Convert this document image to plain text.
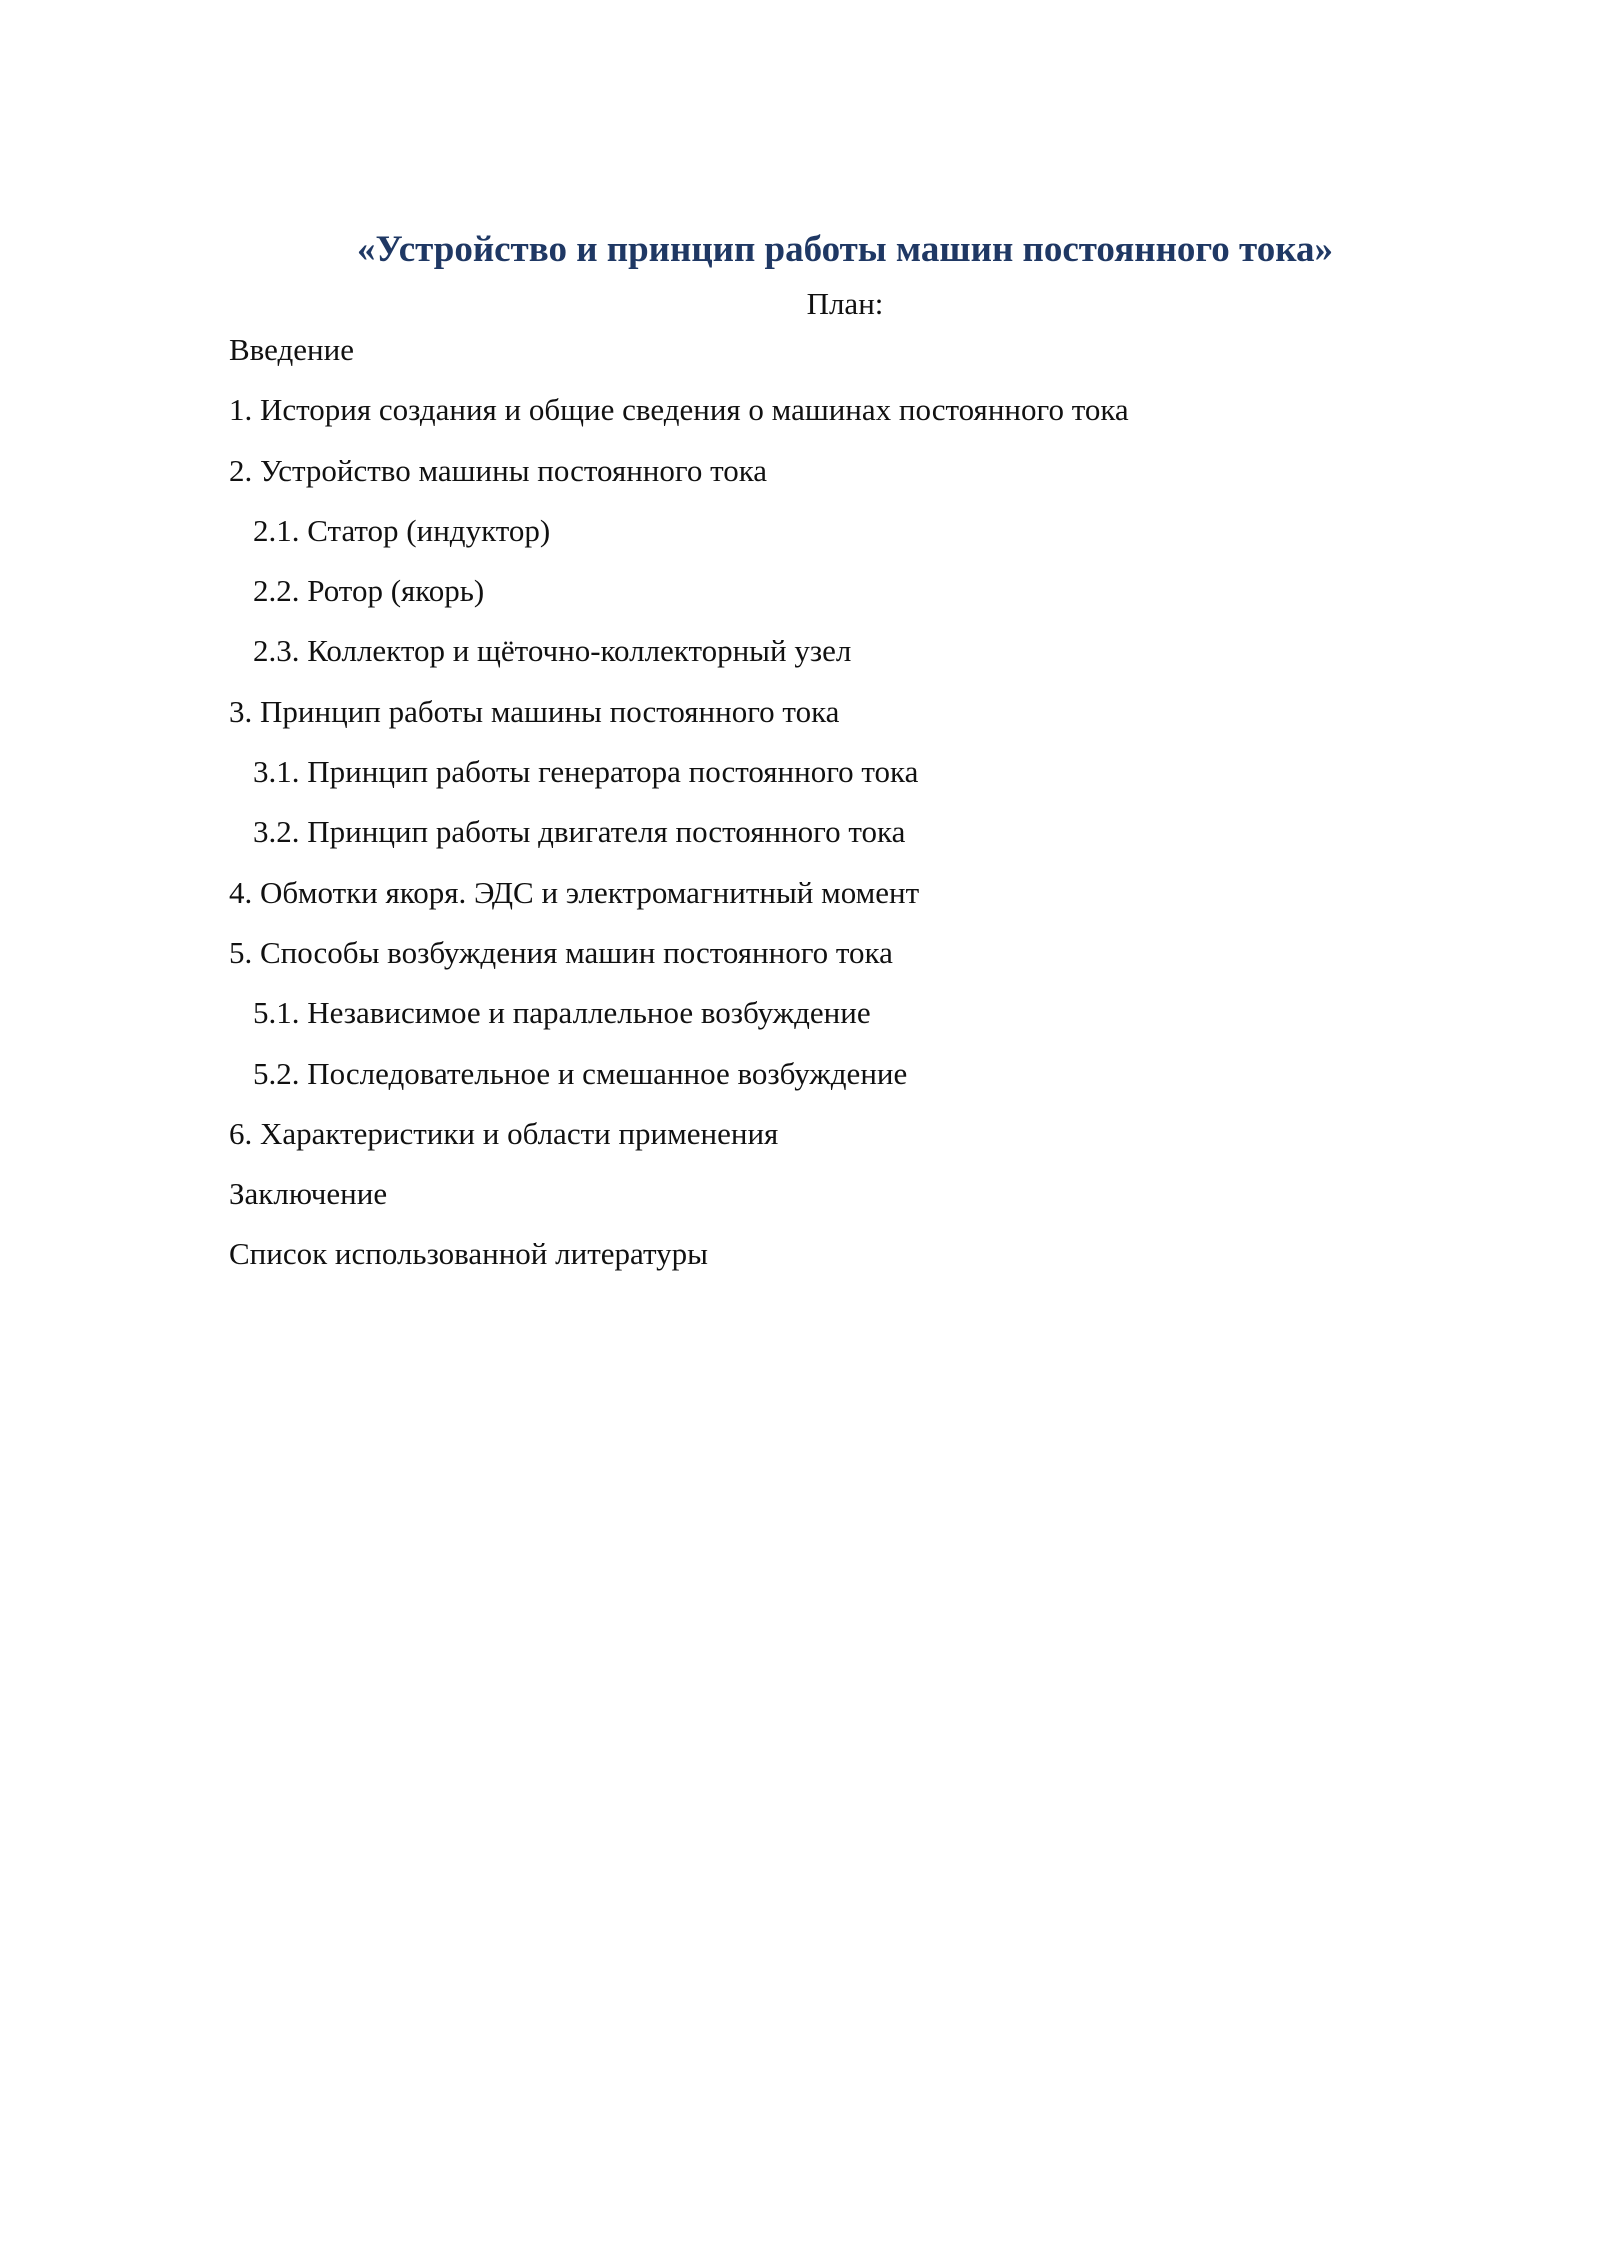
«Устройство и принцип работы машин постоянного тока»
План:
Введение
1. История создания и общие сведения о машинах постоянного тока
2. Устройство машины постоянного тока
2.1. Статор (индуктор)
2.2. Ротор (якорь)
2.3. Коллектор и щёточно-коллекторный узел
3. Принцип работы машины постоянного тока
3.1. Принцип работы генератора постоянного тока
3.2. Принцип работы двигателя постоянного тока
4. Обмотки якоря. ЭДС и электромагнитный момент
5. Способы возбуждения машин постоянного тока
5.1. Независимое и параллельное возбуждение
5.2. Последовательное и смешанное возбуждение
6. Характеристики и области применения
Заключение
Список использованной литературы
